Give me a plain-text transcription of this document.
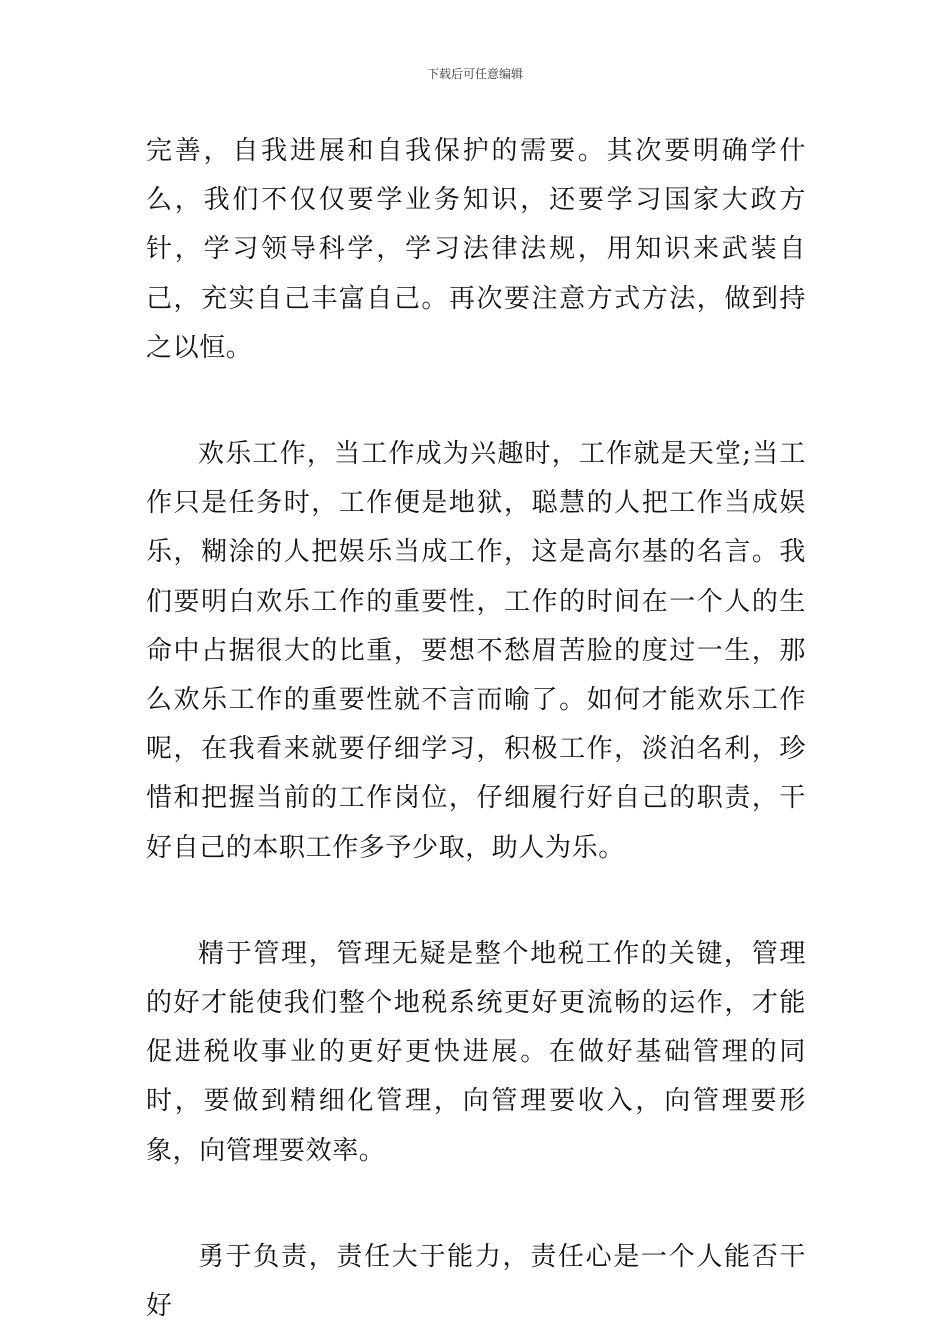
下载后可任意编辑

完善，自我进展和自我保护的需要。其次要明确学什么，我们不仅仅要学业务知识，还要学习国家大政方针，学习领导科学，学习法律法规，用知识来武装自己，充实自己丰富自己。再次要注意方式方法，做到持之以恒。

欢乐工作，当工作成为兴趣时，工作就是天堂;当工作只是任务时，工作便是地狱，聪慧的人把工作当成娱乐，糊涂的人把娱乐当成工作，这是高尔基的名言。我们要明白欢乐工作的重要性，工作的时间在一个人的生命中占据很大的比重，要想不愁眉苦脸的度过一生，那么欢乐工作的重要性就不言而喻了。如何才能欢乐工作呢，在我看来就要仔细学习，积极工作，淡泊名利，珍惜和把握当前的工作岗位，仔细履行好自己的职责，干好自己的本职工作多予少取，助人为乐。

精于管理，管理无疑是整个地税工作的关键，管理的好才能使我们整个地税系统更好更流畅的运作，才能促进税收事业的更好更快进展。在做好基础管理的同时，要做到精细化管理，向管理要收入，向管理要形象，向管理要效率。

勇于负责，责任大于能力，责任心是一个人能否干好
